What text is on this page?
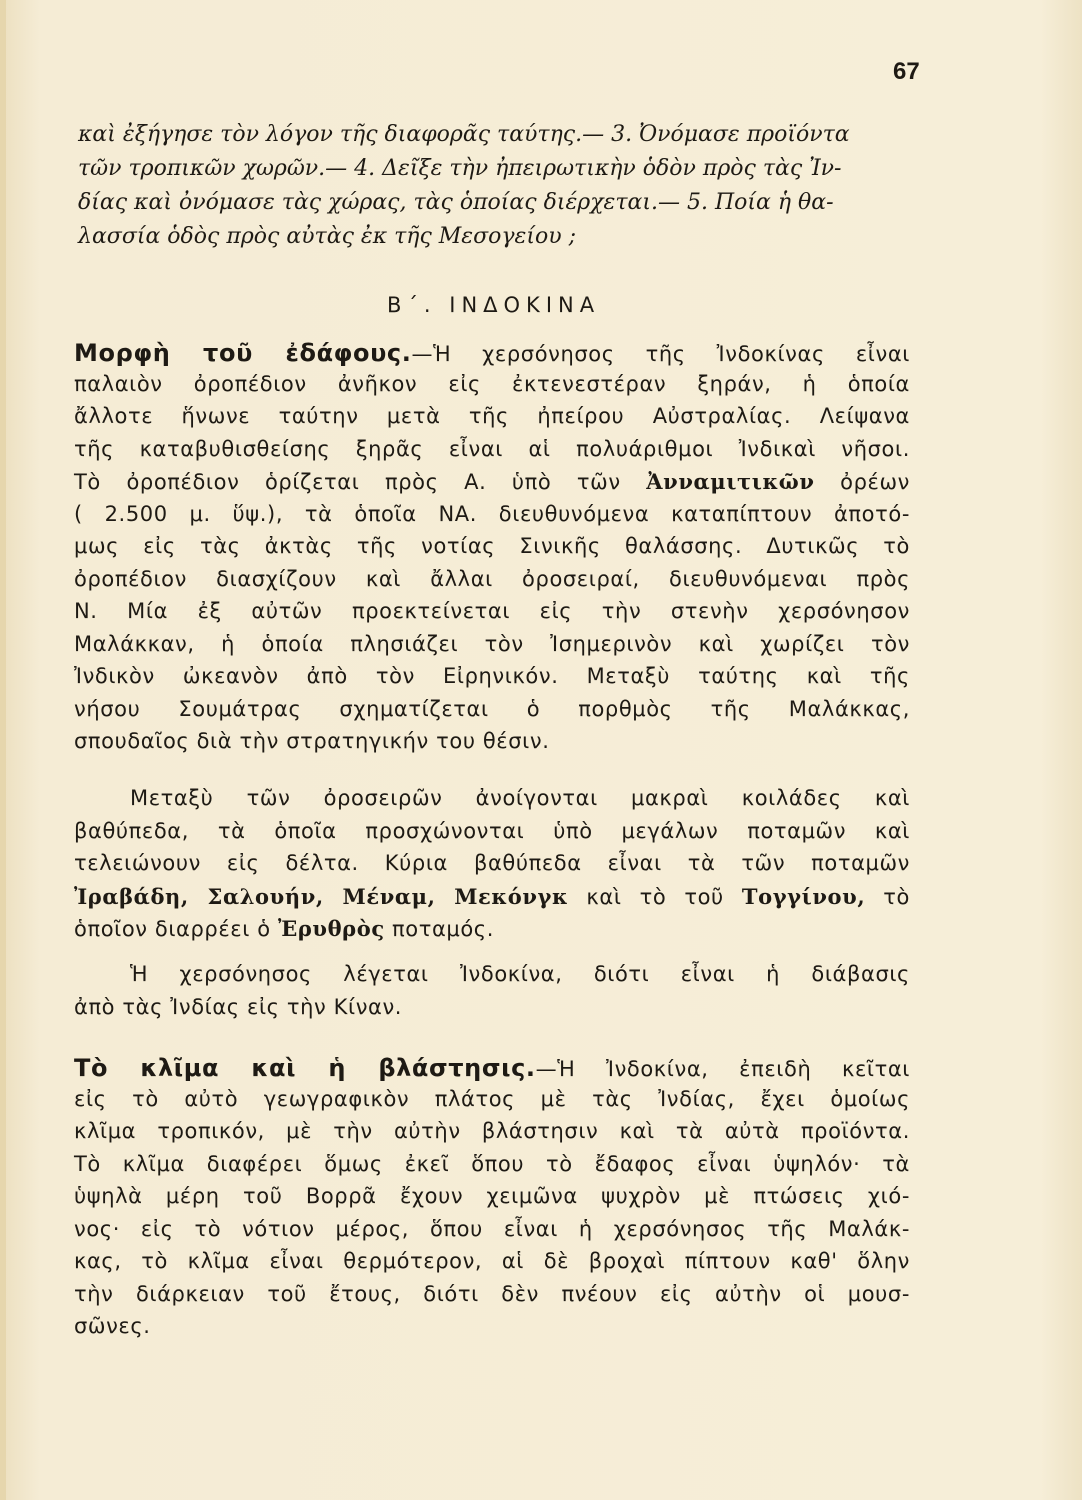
67
καὶ ἐξήγησε τὸν λόγον τῆς διαφορᾶς ταύτης.— 3. Ὀνόμασε προϊόντα
τῶν τροπικῶν χωρῶν.— 4. Δεῖξε τὴν ἠπειρωτικὴν ὁδὸν πρὸς τὰς Ἰν-
δίας καὶ ὀνόμασε τὰς χώρας, τὰς ὁποίας διέρχεται.— 5. Ποία ἡ θα-
λασσία ὁδὸς πρὸς αὐτὰς ἐκ τῆς Μεσογείου ;
Β΄. ΙΝΔΟΚΙΝΑ
Μορφὴ τοῦ ἐδάφους.—Ἡ χερσόνησος τῆς Ἰνδοκίνας εἶναι
παλαιὸν ὀροπέδιον ἀνῆκον εἰς ἐκτενεστέραν ξηράν, ἡ ὁποία
ἄλλοτε ἥνωνε ταύτην μετὰ τῆς ἠπείρου Αὐστραλίας. Λείψανα
τῆς καταβυθισθείσης ξηρᾶς εἶναι αἱ πολυάριθμοι Ἰνδικαὶ νῆσοι.
Τὸ ὀροπέδιον ὁρίζεται πρὸς Α. ὑπὸ τῶν Ἀνναμιτικῶν ὀρέων
( 2.500 μ. ὕψ.), τὰ ὁποῖα ΝΑ. διευθυνόμενα καταπίπτουν ἀποτό-
μως εἰς τὰς ἀκτὰς τῆς νοτίας Σινικῆς θαλάσσης. Δυτικῶς τὸ
ὀροπέδιον διασχίζουν καὶ ἄλλαι ὀροσειραί, διευθυνόμεναι πρὸς
Ν. Μία ἐξ αὐτῶν προεκτείνεται εἰς τὴν στενὴν χερσόνησον
Μαλάκκαν, ἡ ὁποία πλησιάζει τὸν Ἰσημερινὸν καὶ χωρίζει τὸν
Ἰνδικὸν ὠκεανὸν ἀπὸ τὸν Εἰρηνικόν. Μεταξὺ ταύτης καὶ τῆς
νήσου Σουμάτρας σχηματίζεται ὁ πορθμὸς τῆς Μαλάκκας,
σπουδαῖος διὰ τὴν στρατηγικήν του θέσιν.
Μεταξὺ τῶν ὀροσειρῶν ἀνοίγονται μακραὶ κοιλάδες καὶ
βαθύπεδα, τὰ ὁποῖα προσχώνονται ὑπὸ μεγάλων ποταμῶν καὶ
τελειώνουν εἰς δέλτα. Κύρια βαθύπεδα εἶναι τὰ τῶν ποταμῶν
Ἰραβάδη, Σαλουήν, Μέναμ, Μεκόνγκ καὶ τὸ τοῦ Τογγίνου, τὸ
ὁποῖον διαρρέει ὁ Ἐρυθρὸς ποταμός.
Ἡ χερσόνησος λέγεται Ἰνδοκίνα, διότι εἶναι ἡ διάβασις
ἀπὸ τὰς Ἰνδίας εἰς τὴν Κίναν.
Τὸ κλῖμα καὶ ἡ βλάστησις.—Ἡ Ἰνδοκίνα, ἐπειδὴ κεῖται
εἰς τὸ αὐτὸ γεωγραφικὸν πλάτος μὲ τὰς Ἰνδίας, ἔχει ὁμοίως
κλῖμα τροπικόν, μὲ τὴν αὐτὴν βλάστησιν καὶ τὰ αὐτὰ προϊόντα.
Τὸ κλῖμα διαφέρει ὅμως ἐκεῖ ὅπου τὸ ἔδαφος εἶναι ὑψηλόν· τὰ
ὑψηλὰ μέρη τοῦ Βορρᾶ ἔχουν χειμῶνα ψυχρὸν μὲ πτώσεις χιό-
νος· εἰς τὸ νότιον μέρος, ὅπου εἶναι ἡ χερσόνησος τῆς Μαλάκ-
κας, τὸ κλῖμα εἶναι θερμότερον, αἱ δὲ βροχαὶ πίπτουν καθ' ὅλην
τὴν διάρκειαν τοῦ ἔτους, διότι δὲν πνέουν εἰς αὐτὴν οἱ μουσ-
σῶνες.
